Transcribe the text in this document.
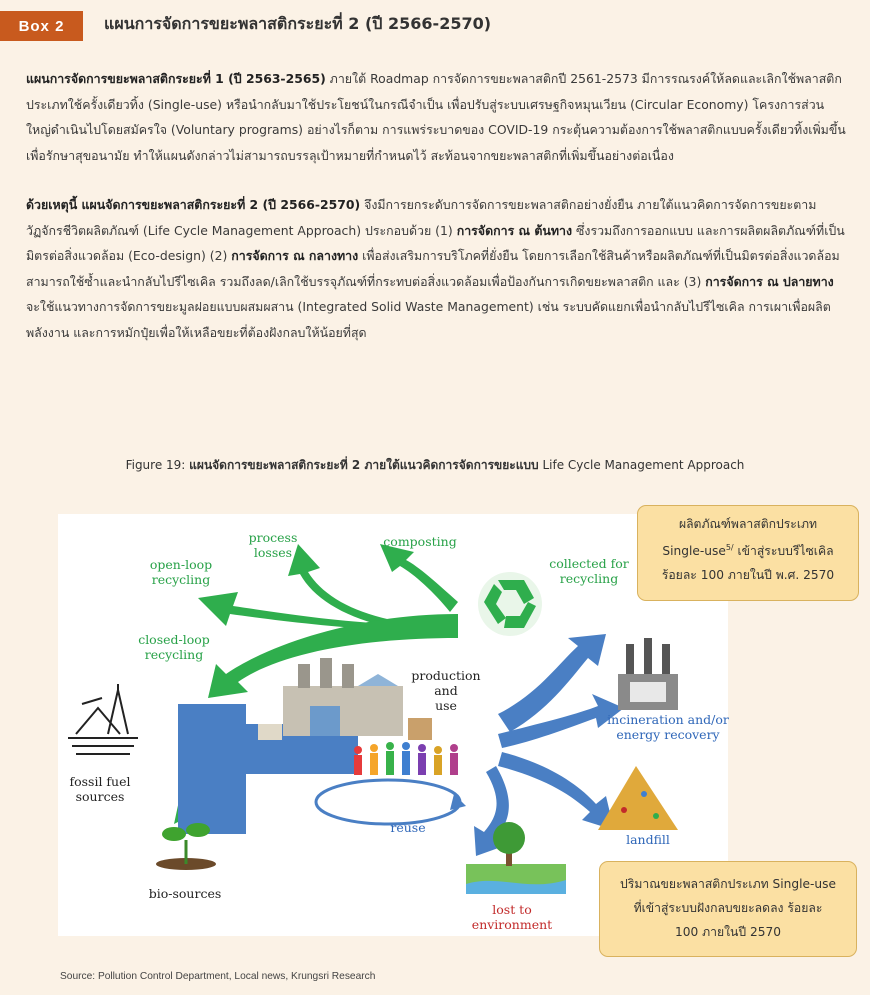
Box 2	แผนการจัดการขยะพลาสติกระยะที่ 2 (ปี 2566-2570)
แผนการจัดการขยะพลาสติกระยะที่ 1 (ปี 2563-2565) ภายใต้ Roadmap การจัดการขยะพลาสติกปี 2561-2573 มีการรณรงค์ให้ลดและเลิกใช้พลาสติกประเภทใช้ครั้งเดียวทิ้ง (Single-use) หรือนำกลับมาใช้ประโยชน์ในกรณีจำเป็น เพื่อปรับสู่ระบบเศรษฐกิจหมุนเวียน (Circular Economy) โครงการส่วนใหญ่ดำเนินไปโดยสมัครใจ (Voluntary programs) อย่างไรก็ตาม การแพร่ระบาดของ COVID-19 กระตุ้นความต้องการใช้พลาสติกแบบครั้งเดียวทิ้งเพิ่มขึ้นเพื่อรักษาสุขอนามัย ทำให้แผนดังกล่าวไม่สามารถบรรลุเป้าหมายที่กำหนดไว้ สะท้อนจากขยะพลาสติกที่เพิ่มขึ้นอย่างต่อเนื่อง
ด้วยเหตุนี้ แผนจัดการขยะพลาสติกระยะที่ 2 (ปี 2566-2570) จึงมีการยกระดับการจัดการขยะพลาสติกอย่างยั่งยืน ภายใต้แนวคิดการจัดการขยะตามวัฏจักรชีวิตผลิตภัณฑ์ (Life Cycle Management Approach) ประกอบด้วย (1) การจัดการ ณ ต้นทาง ซึ่งรวมถึงการออกแบบ และการผลิตผลิตภัณฑ์ที่เป็นมิตรต่อสิ่งแวดล้อม (Eco-design) (2) การจัดการ ณ กลางทาง เพื่อส่งเสริมการบริโภคที่ยั่งยืน โดยการเลือกใช้สินค้าหรือผลิตภัณฑ์ที่เป็นมิตรต่อสิ่งแวดล้อม สามารถใช้ซ้ำและนำกลับไปรีไซเคิล รวมถึงลด/เลิกใช้บรรจุภัณฑ์ที่กระทบต่อสิ่งแวดล้อมเพื่อป้องกันการเกิดขยะพลาสติก และ (3) การจัดการ ณ ปลายทาง จะใช้แนวทางการจัดการขยะมูลฝอยแบบผสมผสาน (Integrated Solid Waste Management) เช่น ระบบคัดแยกเพื่อนำกลับไปรีไซเคิล การเผาเพื่อผลิตพลังงาน และการหมักปุ๋ยเพื่อให้เหลือขยะที่ต้องฝังกลบให้น้อยที่สุด
Figure 19: แผนจัดการขยะพลาสติกระยะที่ 2 ภายใต้แนวคิดการจัดการขยะแบบ Life Cycle Management Approach
process
losses
composting
open-loop
recycling
closed-loop
recycling
collected for
recycling
production
and
use
fossil fuel
sources
bio-sources
reuse
incineration and/or
energy recovery
landfill
lost to
environment
ผลิตภัณฑ์พลาสติกประเภท
Single-use$^{5/}$ เข้าสู่ระบบรีไซเคิล
ร้อยละ 100 ภายในปี พ.ศ. 2570
ปริมาณขยะพลาสติกประเภท Single-use
ที่เข้าสู่ระบบฝังกลบขยะลดลง ร้อยละ
100 ภายในปี 2570
Source: Pollution Control Department, Local news, Krungsri Research
